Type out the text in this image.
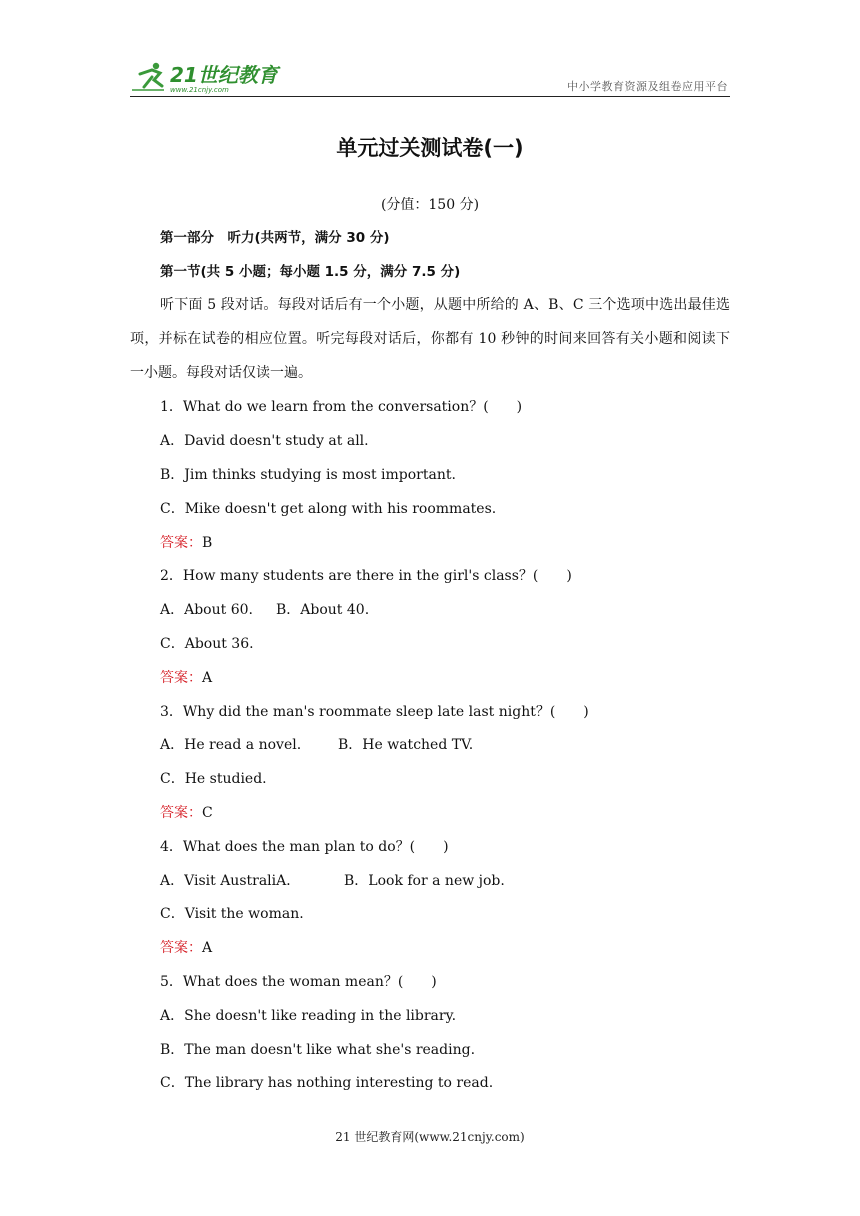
21世纪教育
www.21cnjy.com	中小学教育资源及组卷应用平台
单元过关测试卷(一)
(分值：150 分)
第一部分　听力(共两节，满分 30 分)
第一节(共 5 小题；每小题 1.5 分，满分 7.5 分)
听下面 5 段对话。每段对话后有一个小题，从题中所给的 A、B、C 三个选项中选出最佳选项，并标在试卷的相应位置。听完每段对话后，你都有 10 秒钟的时间来回答有关小题和阅读下一小题。每段对话仅读一遍。
1．What do we learn from the conversation？(　　)
A．David doesn't study at all.
B．Jim thinks studying is most important.
C．Mike doesn't get along with his roommates.
答案：B
2．How many students are there in the girl's class？(　　)
A．About 60. B．About 40.
C．About 36.
答案：A
3．Why did the man's roommate sleep late last night？(　　)
A．He read a novel.	B．He watched TV.
C．He studied.
答案：C
4．What does the man plan to do？(　　)
A．Visit AustraliA．	B．Look for a new job.
C．Visit the woman.
答案：A
5．What does the woman mean？(　　)
A．She doesn't like reading in the library.
B．The man doesn't like what she's reading.
C．The library has nothing interesting to read.
21 世纪教育网(www.21cnjy.com)
